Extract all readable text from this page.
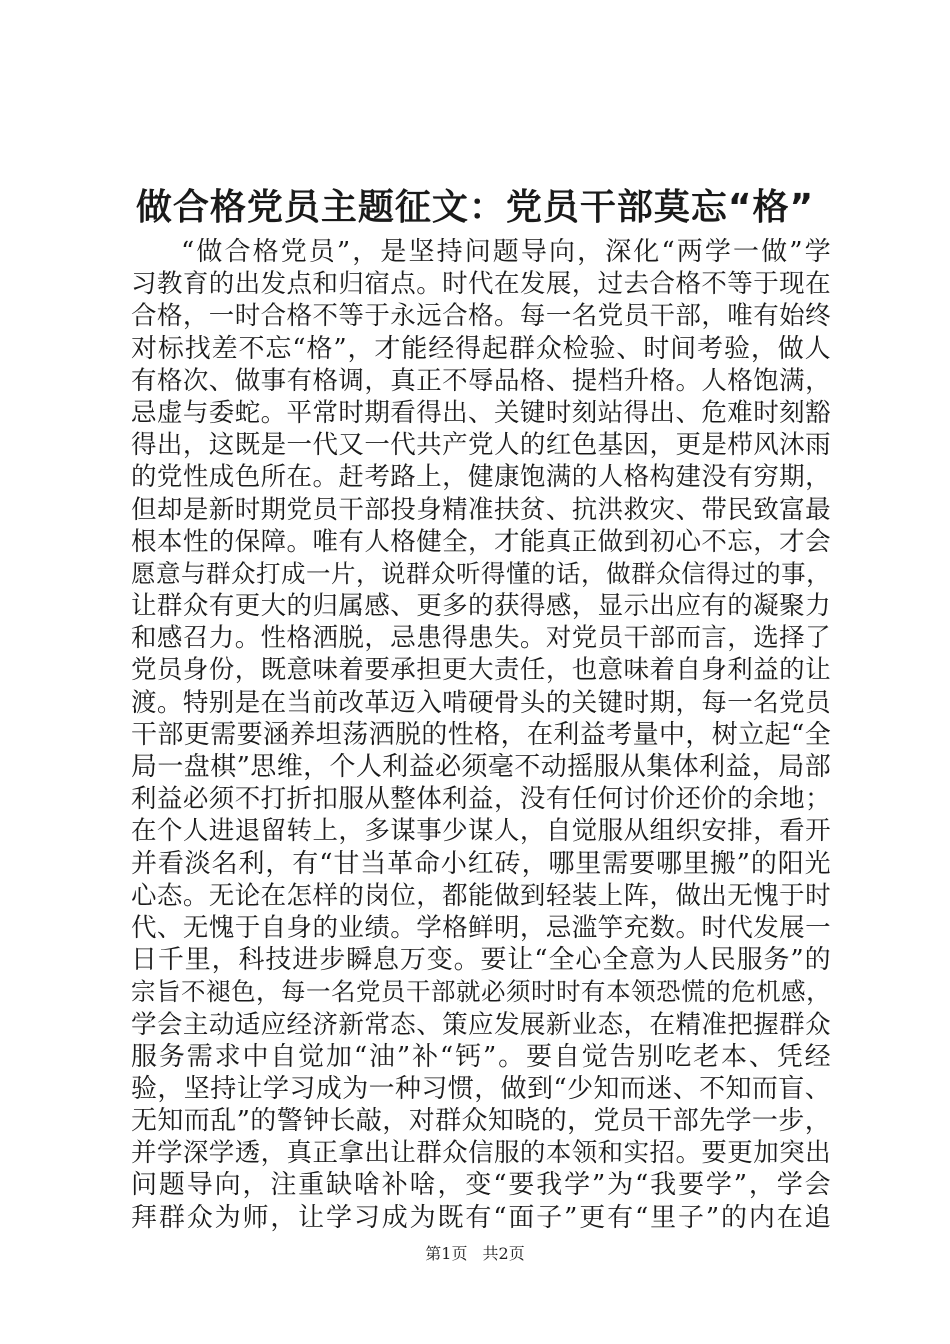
做合格党员主题征文：党员干部莫忘“格”
“做合格党员”，是坚持问题导向，深化“两学一做”学
习教育的出发点和归宿点。时代在发展，过去合格不等于现在
合格，一时合格不等于永远合格。每一名党员干部，唯有始终
对标找差不忘“格”，才能经得起群众检验、时间考验，做人
有格次、做事有格调，真正不辱品格、提档升格。人格饱满，
忌虚与委蛇。平常时期看得出、关键时刻站得出、危难时刻豁
得出，这既是一代又一代共产党人的红色基因，更是栉风沐雨
的党性成色所在。赶考路上，健康饱满的人格构建没有穷期，
但却是新时期党员干部投身精准扶贫、抗洪救灾、带民致富最
根本性的保障。唯有人格健全，才能真正做到初心不忘，才会
愿意与群众打成一片，说群众听得懂的话，做群众信得过的事，
让群众有更大的归属感、更多的获得感，显示出应有的凝聚力
和感召力。性格洒脱，忌患得患失。对党员干部而言，选择了
党员身份，既意味着要承担更大责任，也意味着自身利益的让
渡。特别是在当前改革迈入啃硬骨头的关键时期，每一名党员
干部更需要涵养坦荡洒脱的性格，在利益考量中，树立起“全
局一盘棋”思维，个人利益必须毫不动摇服从集体利益，局部
利益必须不打折扣服从整体利益，没有任何讨价还价的余地；
在个人进退留转上，多谋事少谋人，自觉服从组织安排，看开
并看淡名利，有“甘当革命小红砖，哪里需要哪里搬”的阳光
心态。无论在怎样的岗位，都能做到轻装上阵，做出无愧于时
代、无愧于自身的业绩。学格鲜明，忌滥竽充数。时代发展一
日千里，科技进步瞬息万变。要让“全心全意为人民服务”的
宗旨不褪色，每一名党员干部就必须时时有本领恐慌的危机感，
学会主动适应经济新常态、策应发展新业态，在精准把握群众
服务需求中自觉加“油”补“钙”。要自觉告别吃老本、凭经
验，坚持让学习成为一种习惯，做到“少知而迷、不知而盲、
无知而乱”的警钟长敲，对群众知晓的，党员干部先学一步，
并学深学透，真正拿出让群众信服的本领和实招。要更加突出
问题导向，注重缺啥补啥，变“要我学”为“我要学”，学会
拜群众为师，让学习成为既有“面子”更有“里子”的内在追
第1页 共2页
